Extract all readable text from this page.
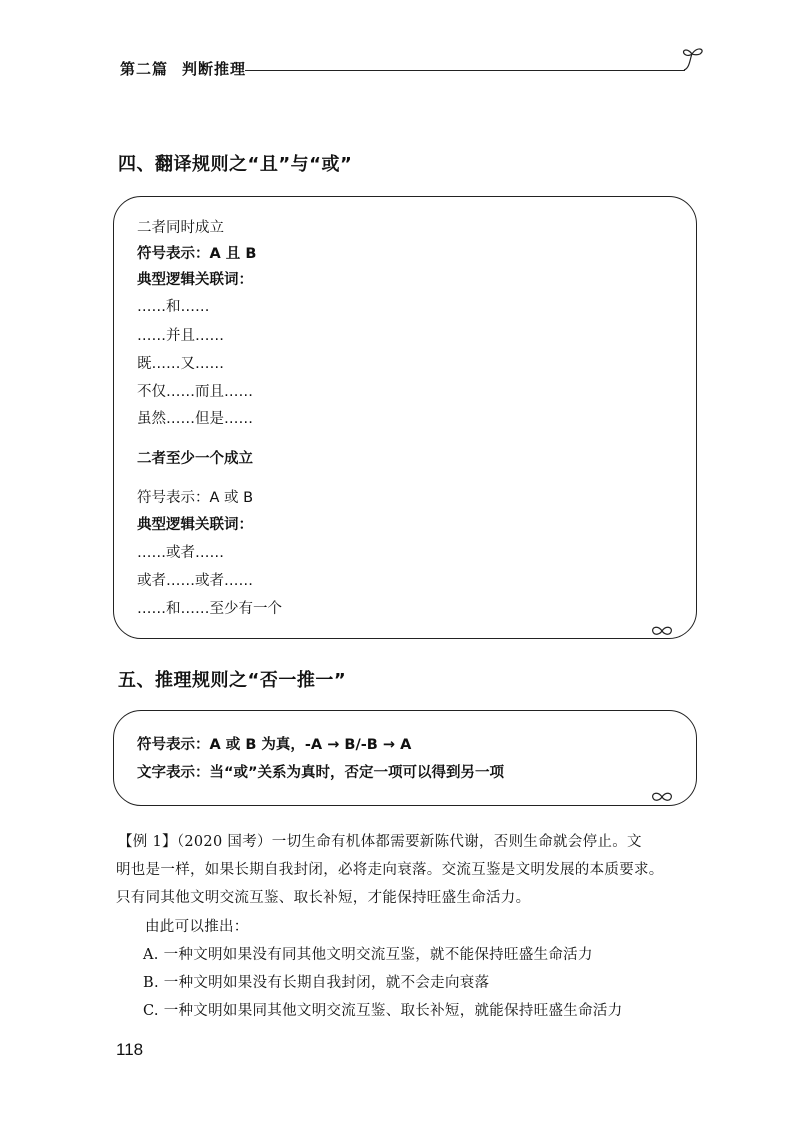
第二篇 判断推理
四、翻译规则之“且”与“或”
二者同时成立
符号表示：A 且 B
典型逻辑关联词：
……和……
……并且……
既……又……
不仅……而且……
虽然……但是……
二者至少一个成立
符号表示：A 或 B
典型逻辑关联词：
……或者……
或者……或者……
……和……至少有一个
五、推理规则之“否一推一”
符号表示：A 或 B 为真，-A → B/-B → A
文字表示：当“或”关系为真时，否定一项可以得到另一项
【例 1】（2020 国考）一切生命有机体都需要新陈代谢，否则生命就会停止。文
明也是一样，如果长期自我封闭，必将走向衰落。交流互鉴是文明发展的本质要求。
只有同其他文明交流互鉴、取长补短，才能保持旺盛生命活力。
由此可以推出：
A. 一种文明如果没有同其他文明交流互鉴，就不能保持旺盛生命活力
B. 一种文明如果没有长期自我封闭，就不会走向衰落
C. 一种文明如果同其他文明交流互鉴、取长补短，就能保持旺盛生命活力
118
